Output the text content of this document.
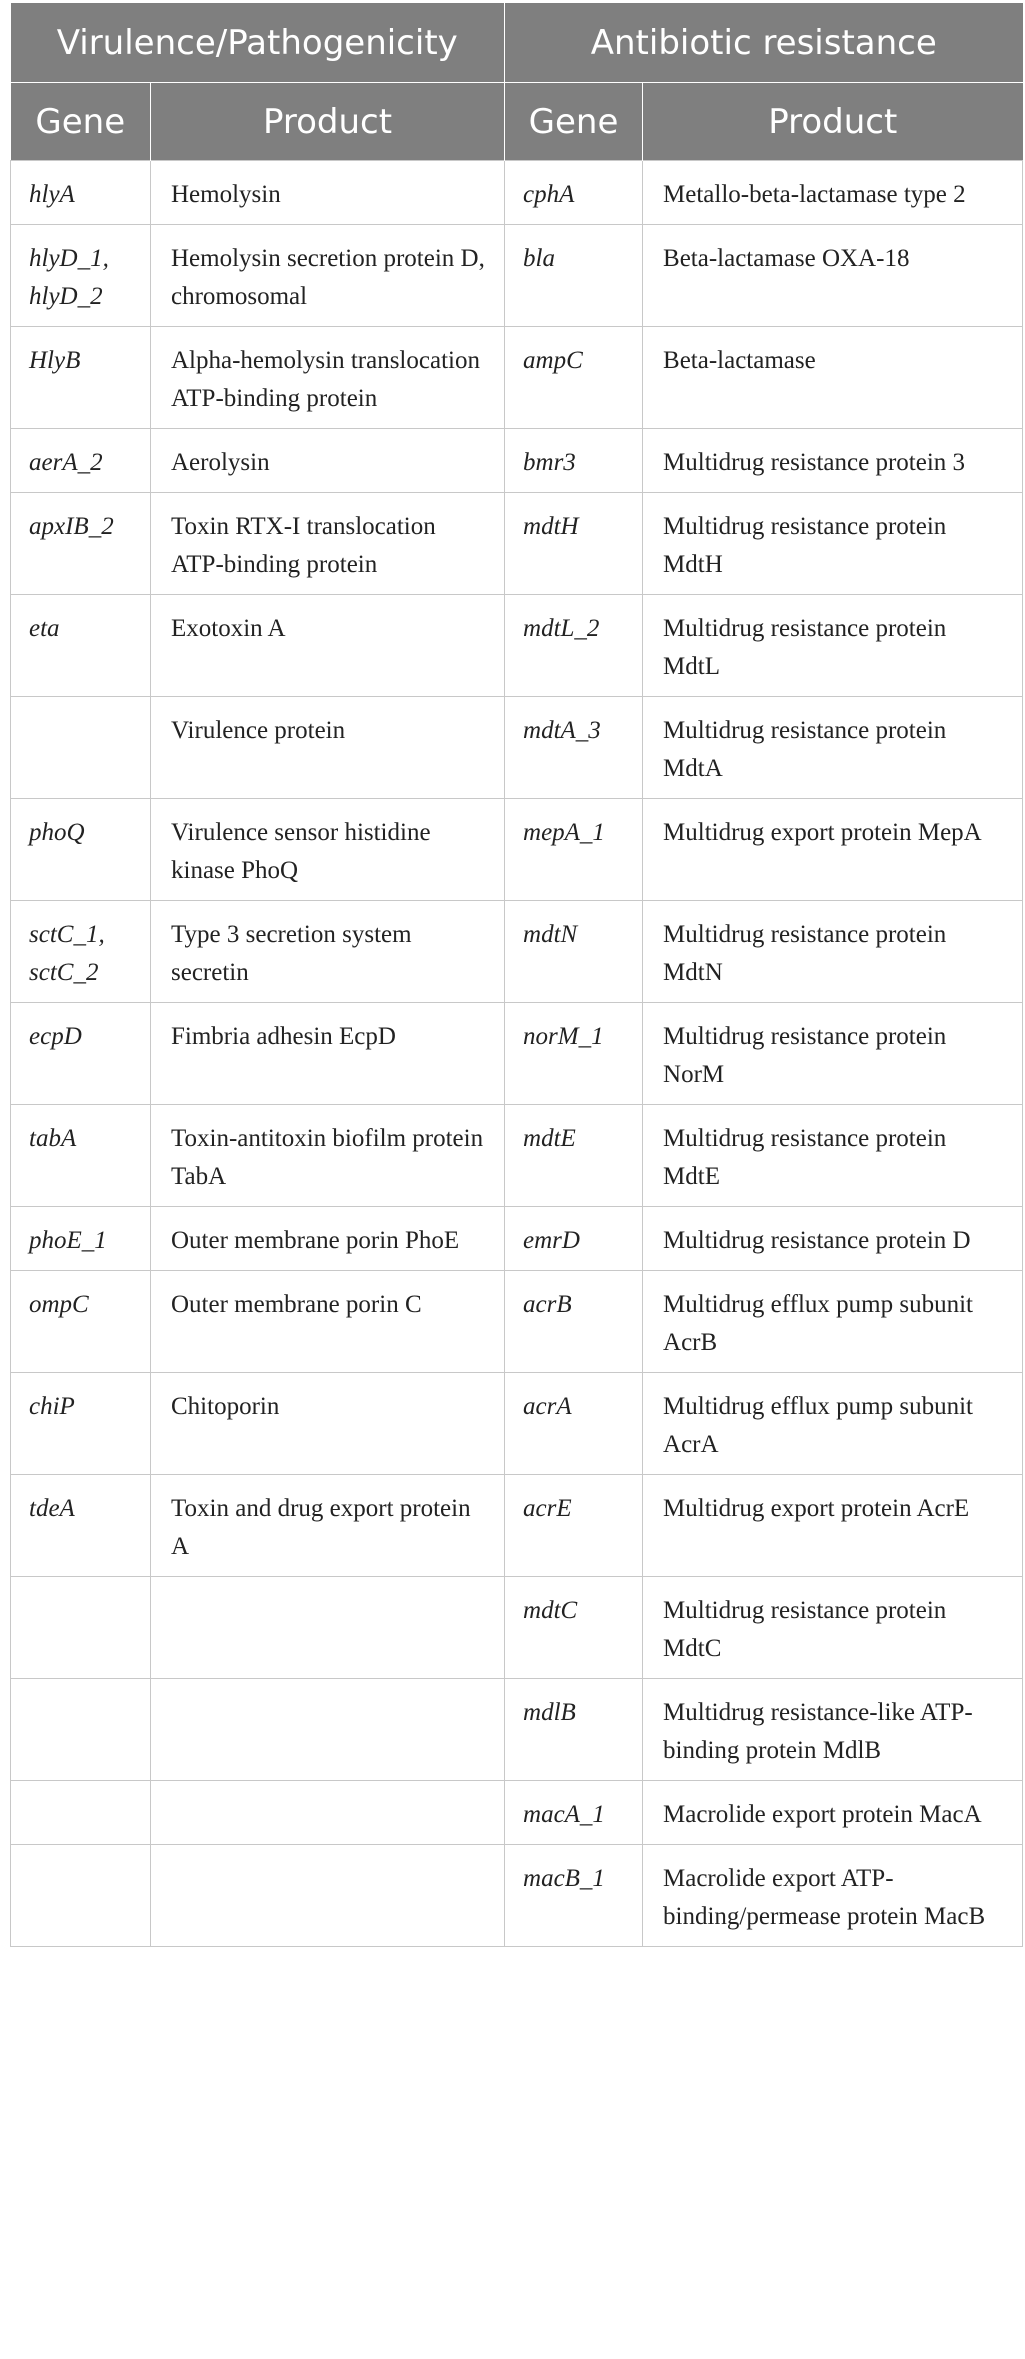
Virulence/Pathogenicity		Antibiotic resistance	
Gene	Product	Gene	Product
hlyA	Hemolysin	cphA	Metallo-beta-lactamase type 2
hlyD_1, hlyD_2	Hemolysin secretion protein D, chromosomal	bla	Beta-lactamase OXA-18
HlyB	Alpha-hemolysin translocation ATP-binding protein	ampC	Beta-lactamase
aerA_2	Aerolysin	bmr3	Multidrug resistance protein 3
apxIB_2	Toxin RTX-I translocation ATP-binding protein	mdtH	Multidrug resistance protein MdtH
eta	Exotoxin A	mdtL_2	Multidrug resistance protein MdtL
	Virulence protein	mdtA_3	Multidrug resistance protein MdtA
phoQ	Virulence sensor histidine kinase PhoQ	mepA_1	Multidrug export protein MepA
sctC_1, sctC_2	Type 3 secretion system secretin	mdtN	Multidrug resistance protein MdtN
ecpD	Fimbria adhesin EcpD	norM_1	Multidrug resistance protein NorM
tabA	Toxin-antitoxin biofilm protein TabA	mdtE	Multidrug resistance protein MdtE
phoE_1	Outer membrane porin PhoE	emrD	Multidrug resistance protein D
ompC	Outer membrane porin C	acrB	Multidrug efflux pump subunit AcrB
chiP	Chitoporin	acrA	Multidrug efflux pump subunit AcrA
tdeA	Toxin and drug export protein A	acrE	Multidrug export protein AcrE
		mdtC	Multidrug resistance protein MdtC
		mdlB	Multidrug resistance-like ATP-binding protein MdlB
		macA_1	Macrolide export protein MacA
		macB_1	Macrolide export ATP-binding/permease protein MacB
